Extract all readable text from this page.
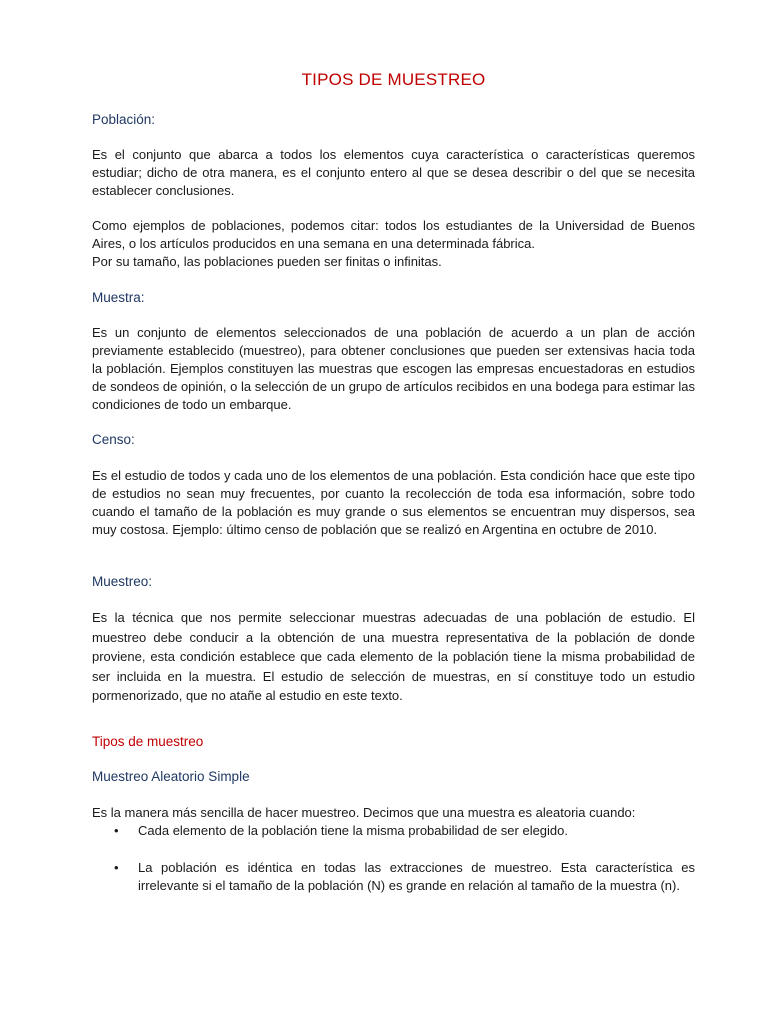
TIPOS DE MUESTREO
Población:

Es el conjunto que abarca a todos los elementos cuya característica o características queremos estudiar; dicho de otra manera, es el conjunto entero al que se desea describir o del que se necesita establecer conclusiones.

Como ejemplos de poblaciones, podemos citar: todos los estudiantes de la Universidad de Buenos Aires, o los artículos producidos en una semana en una determinada fábrica.

Por su tamaño, las poblaciones pueden ser finitas o infinitas.

Muestra:

Es un conjunto de elementos seleccionados de una población de acuerdo a un plan de acción previamente establecido (muestreo), para obtener conclusiones que pueden ser extensivas hacia toda la población. Ejemplos constituyen las muestras que escogen las empresas encuestadoras en estudios de sondeos de opinión, o la selección de un grupo de artículos recibidos en una bodega para estimar las condiciones de todo un embarque.

Censo:

Es el estudio de todos y cada uno de los elementos de una población. Esta condición hace que este tipo de estudios no sean muy frecuentes, por cuanto la recolección de toda esa información, sobre todo cuando el tamaño de la población es muy grande o sus elementos se encuentran muy dispersos, sea muy costosa. Ejemplo: último censo de población que se realizó en Argentina en octubre de 2010.

Muestreo:

Es la técnica que nos permite seleccionar muestras adecuadas de una población de estudio. El muestreo debe conducir a la obtención de una muestra representativa de la población de donde proviene, esta condición establece que cada elemento de la población tiene la misma probabilidad de ser incluida en la muestra. El estudio de selección de muestras, en sí constituye todo un estudio pormenorizado, que no atañe al estudio en este texto.

Tipos de muestreo
Muestreo Aleatorio Simple

Es la manera más sencilla de hacer muestreo. Decimos que una muestra es aleatoria cuando:

• Cada elemento de la población tiene la misma probabilidad de ser elegido.

• La población es idéntica en todas las extracciones de muestreo. Esta característica es irrelevante si el tamaño de la población (N) es grande en relación al tamaño de la muestra (n).
